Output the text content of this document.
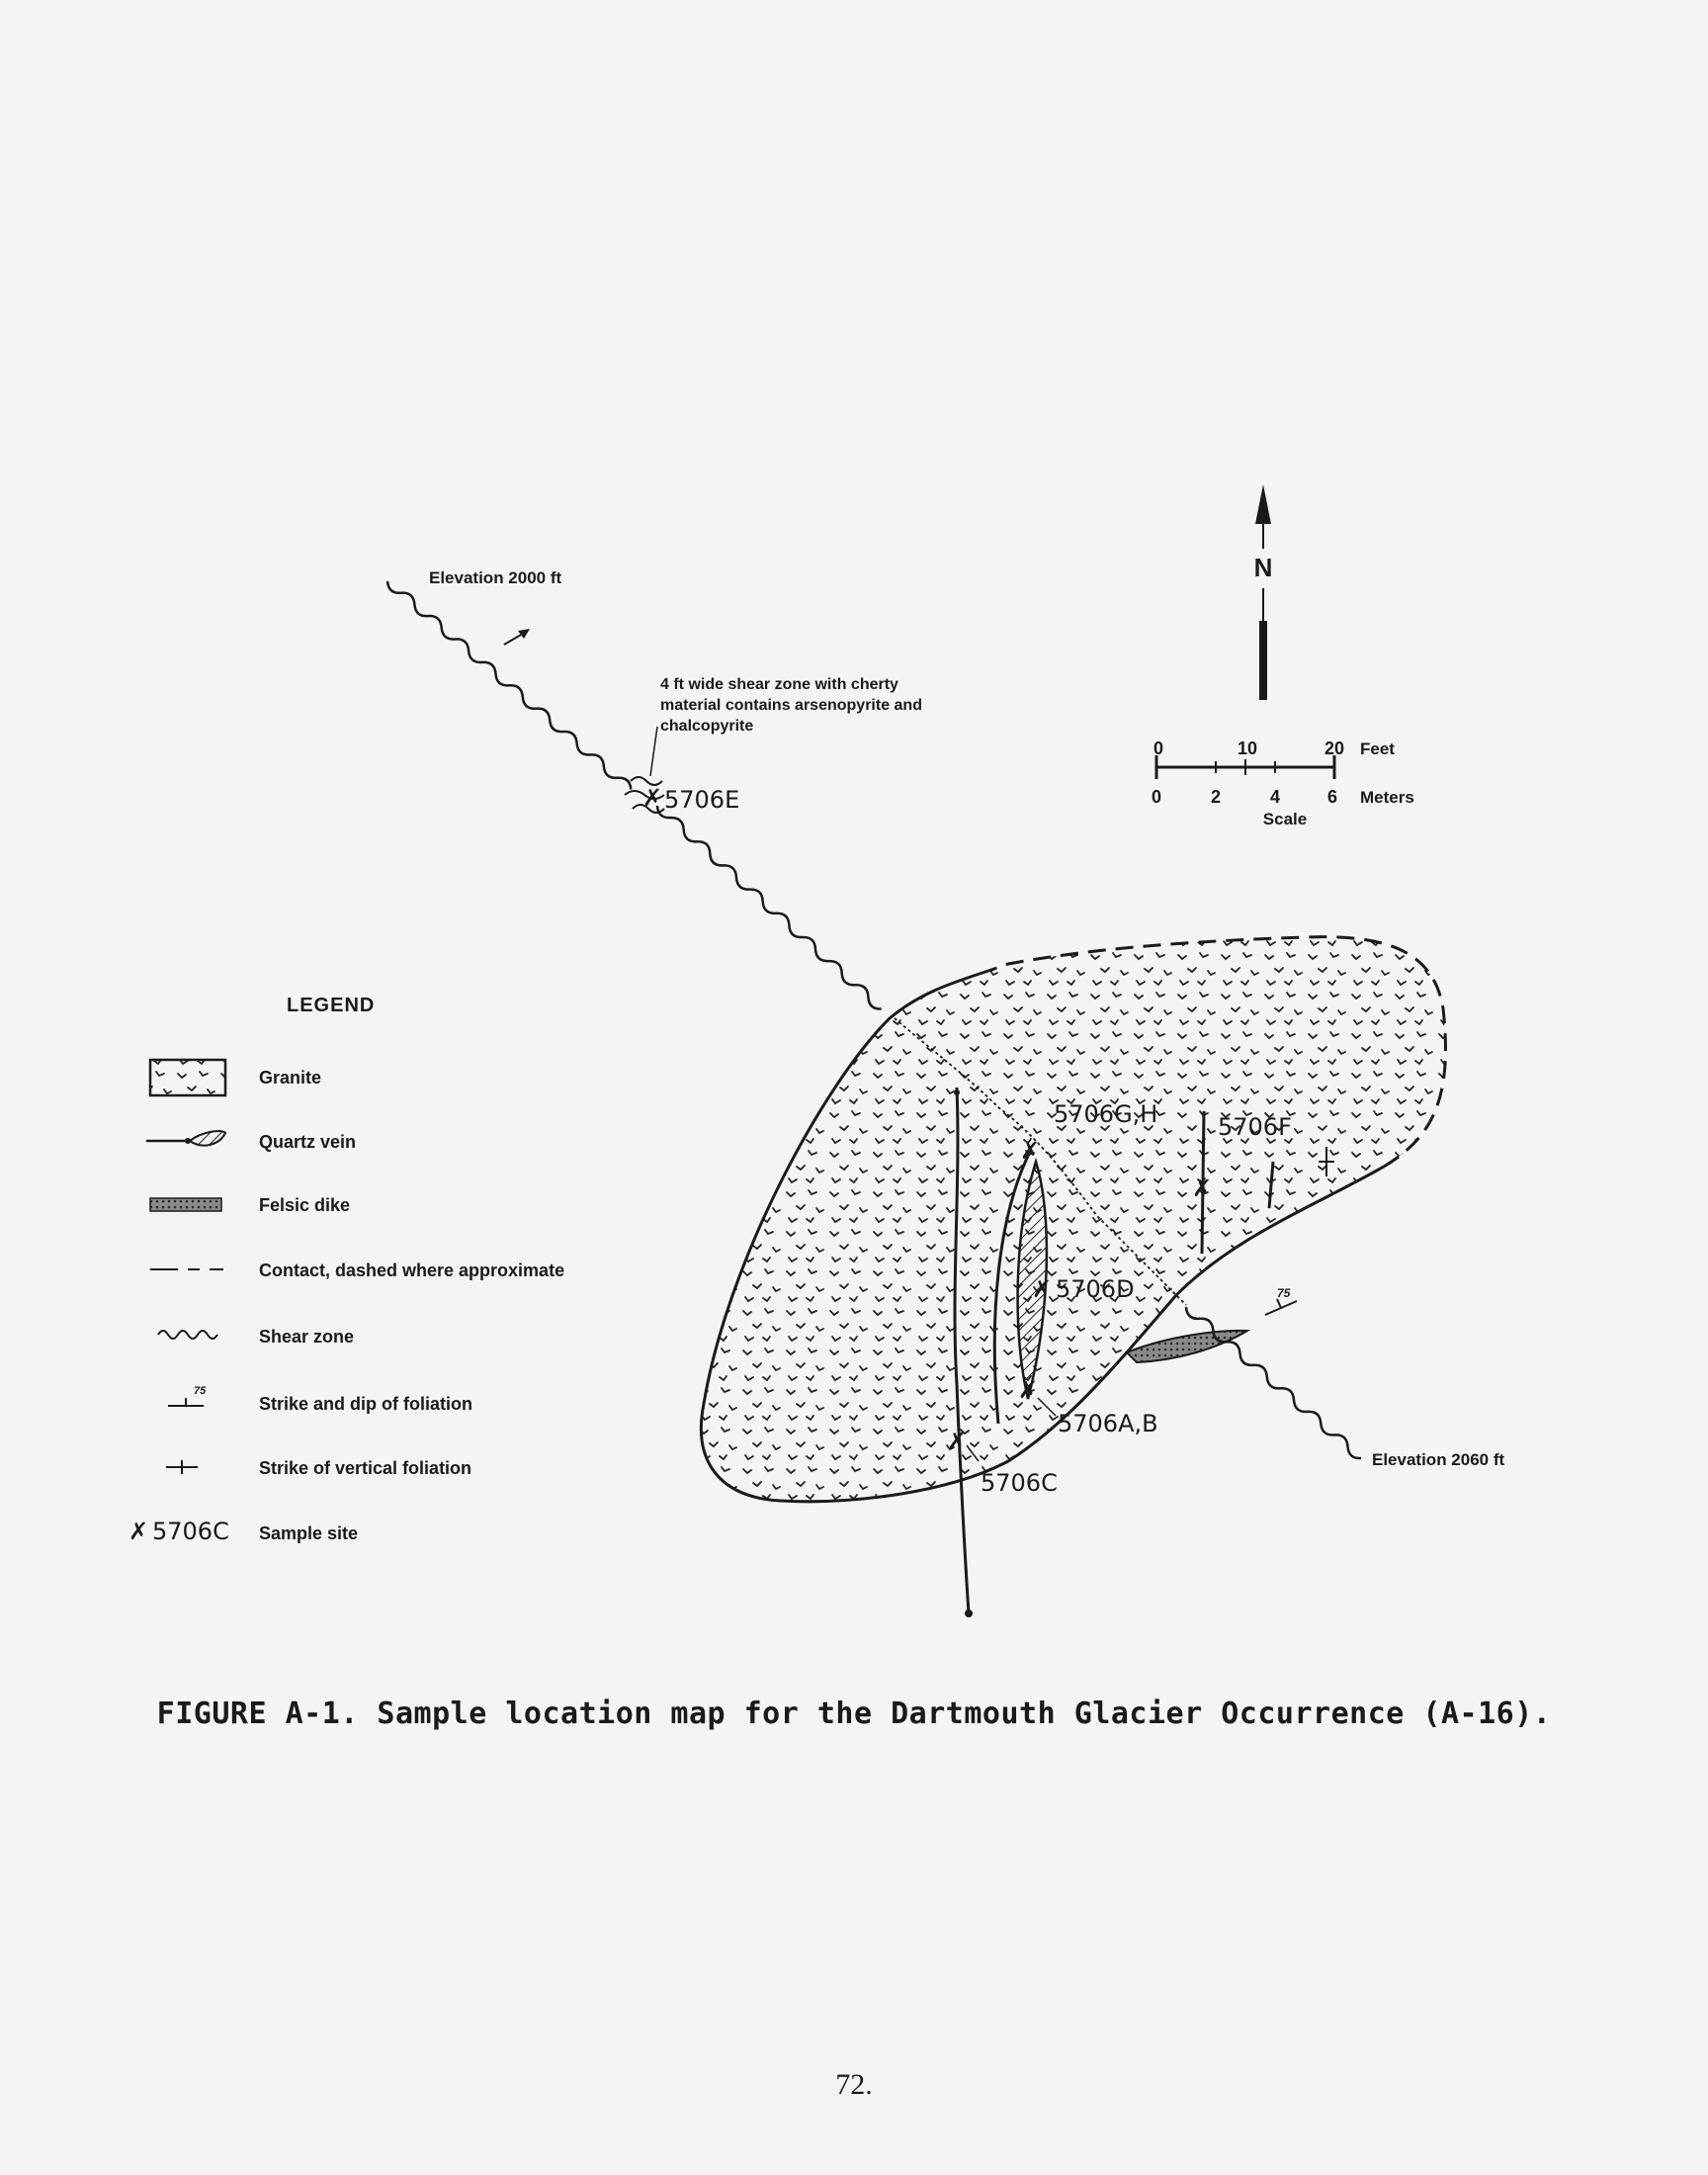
N
0	10	20 Feet
0	2	4	6 Meters
Scale
Elevation 2000 ft
Elevation 2060 ft
4 ft wide shear zone with cherty
material contains arsenopyrite and
chalcopyrite
75
✗ 5706E
✗
5706G,H
✗
5706F
✗ 5706D
✗
5706A,B
✗
5706C
LEGEND
Granite
Quartz vein
Felsic dike
Contact, dashed where approximate
Shear zone
75
Strike and dip of foliation
Strike of vertical foliation
✗ 5706C Sample site
FIGURE A-1. Sample location map for the Dartmouth Glacier Occurrence (A-16).
72.
